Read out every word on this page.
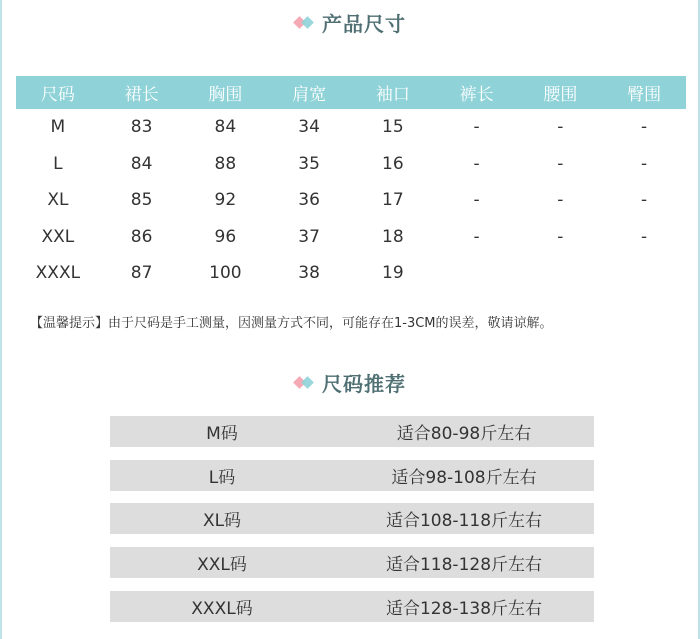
产品尺寸
尺码	裙长	胸围	肩宽	袖口	裤长	腰围	臀围
M	83	84	34	15	-	-	-
L	84	88	35	16	-	-	-
XL	85	92	36	17	-	-	-
XXL	86	96	37	18	-	-	-
XXXL	87	100	38	19			
【温馨提示】由于尺码是手工测量，因测量方式不同，可能存在1-3CM的误差，敬请谅解。
尺码推荐
M码	适合80-98斤左右
L码	适合98-108斤左右
XL码	适合108-118斤左右
XXL码	适合118-128斤左右
XXXL码	适合128-138斤左右
